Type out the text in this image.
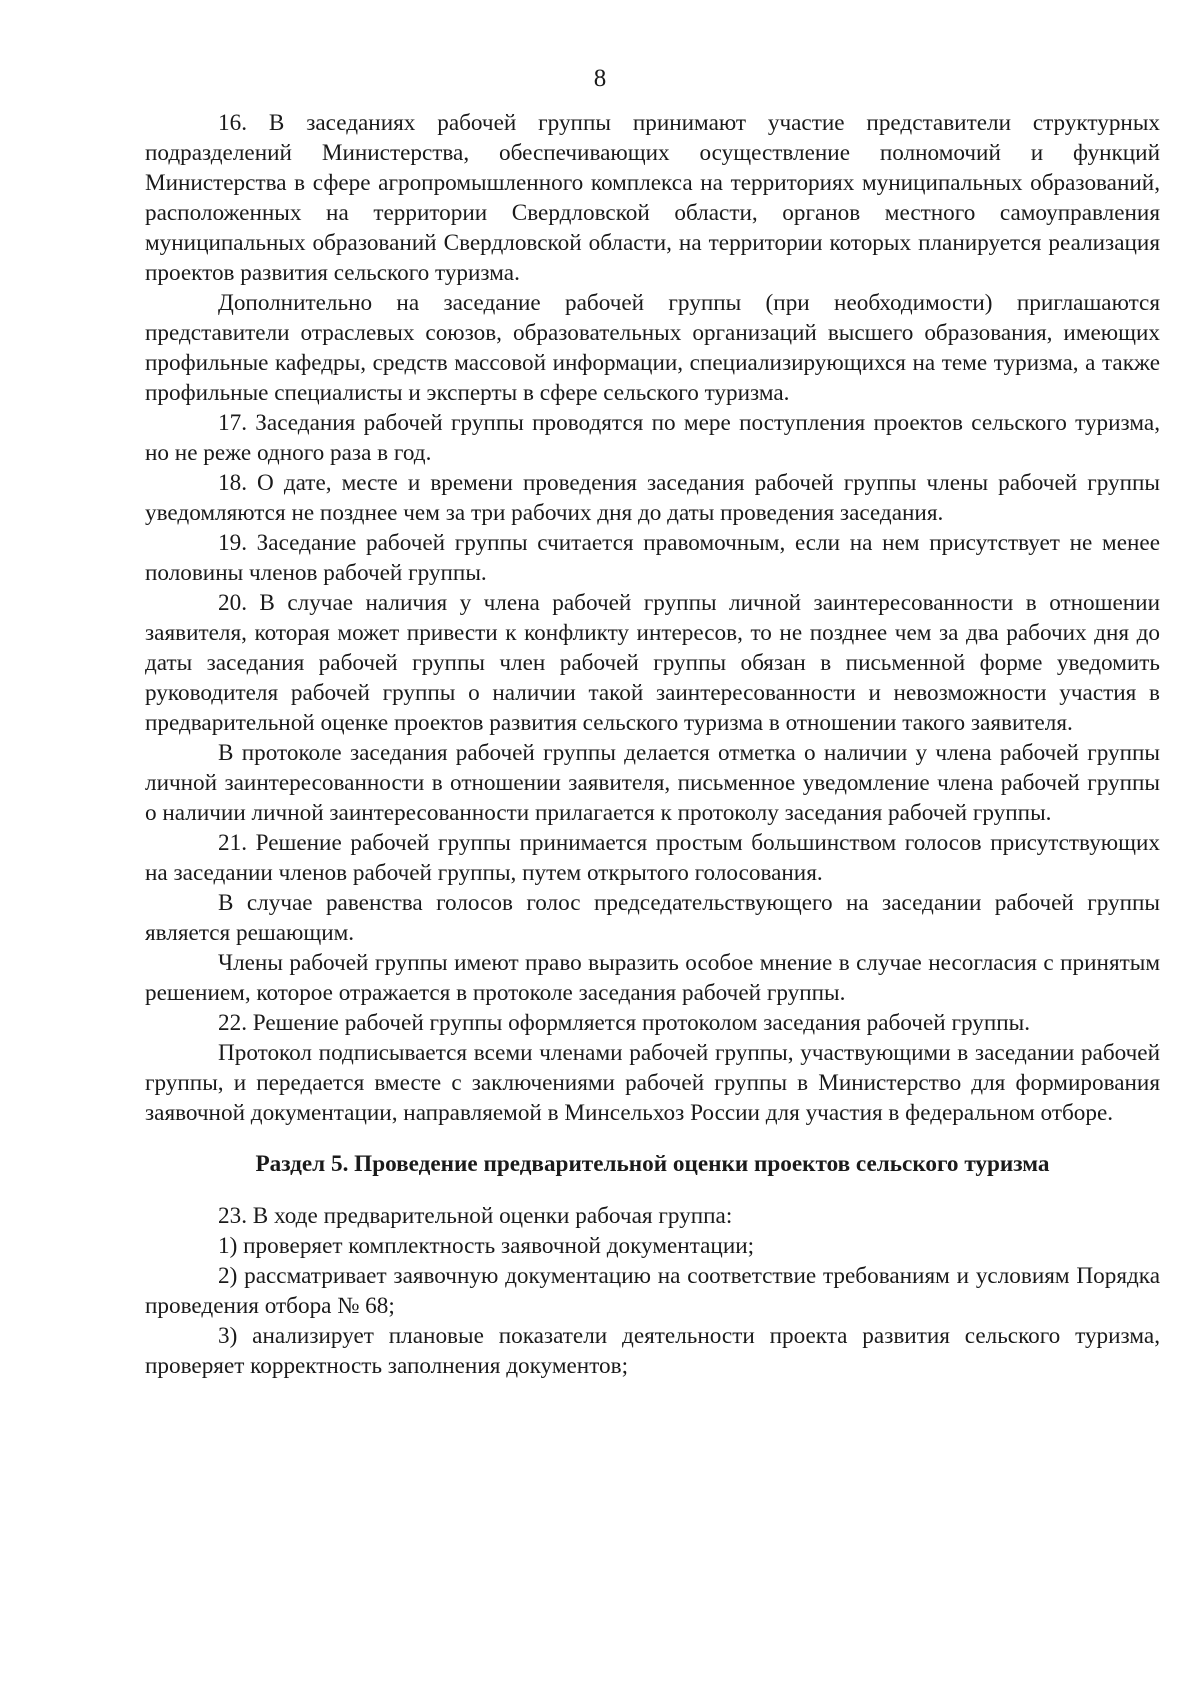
8

16. В заседаниях рабочей группы принимают участие представители структурных подразделений Министерства, обеспечивающих осуществление полномочий и функций Министерства в сфере агропромышленного комплекса на территориях муниципальных образований, расположенных на территории Свердловской области, органов местного самоуправления муниципальных образований Свердловской области, на территории которых планируется реализация проектов развития сельского туризма.

Дополнительно на заседание рабочей группы (при необходимости) приглашаются представители отраслевых союзов, образовательных организаций высшего образования, имеющих профильные кафедры, средств массовой информации, специализирующихся на теме туризма, а также профильные специалисты и эксперты в сфере сельского туризма.

17. Заседания рабочей группы проводятся по мере поступления проектов сельского туризма, но не реже одного раза в год.

18. О дате, месте и времени проведения заседания рабочей группы члены рабочей группы уведомляются не позднее чем за три рабочих дня до даты проведения заседания.

19. Заседание рабочей группы считается правомочным, если на нем присутствует не менее половины членов рабочей группы.

20. В случае наличия у члена рабочей группы личной заинтересованности в отношении заявителя, которая может привести к конфликту интересов, то не позднее чем за два рабочих дня до даты заседания рабочей группы член рабочей группы обязан в письменной форме уведомить руководителя рабочей группы о наличии такой заинтересованности и невозможности участия в предварительной оценке проектов развития сельского туризма в отношении такого заявителя.

В протоколе заседания рабочей группы делается отметка о наличии у члена рабочей группы личной заинтересованности в отношении заявителя, письменное уведомление члена рабочей группы о наличии личной заинтересованности прилагается к протоколу заседания рабочей группы.

21. Решение рабочей группы принимается простым большинством голосов присутствующих на заседании членов рабочей группы, путем открытого голосования.

В случае равенства голосов голос председательствующего на заседании рабочей группы является решающим.

Члены рабочей группы имеют право выразить особое мнение в случае несогласия с принятым решением, которое отражается в протоколе заседания рабочей группы.

22. Решение рабочей группы оформляется протоколом заседания рабочей группы.

Протокол подписывается всеми членами рабочей группы, участвующими в заседании рабочей группы, и передается вместе с заключениями рабочей группы в Министерство для формирования заявочной документации, направляемой в Минсельхоз России для участия в федеральном отборе.

Раздел 5. Проведение предварительной оценки проектов сельского туризма

23. В ходе предварительной оценки рабочая группа:

1) проверяет комплектность заявочной документации;

2) рассматривает заявочную документацию на соответствие требованиям и условиям Порядка проведения отбора № 68;

3) анализирует плановые показатели деятельности проекта развития сельского туризма, проверяет корректность заполнения документов;
